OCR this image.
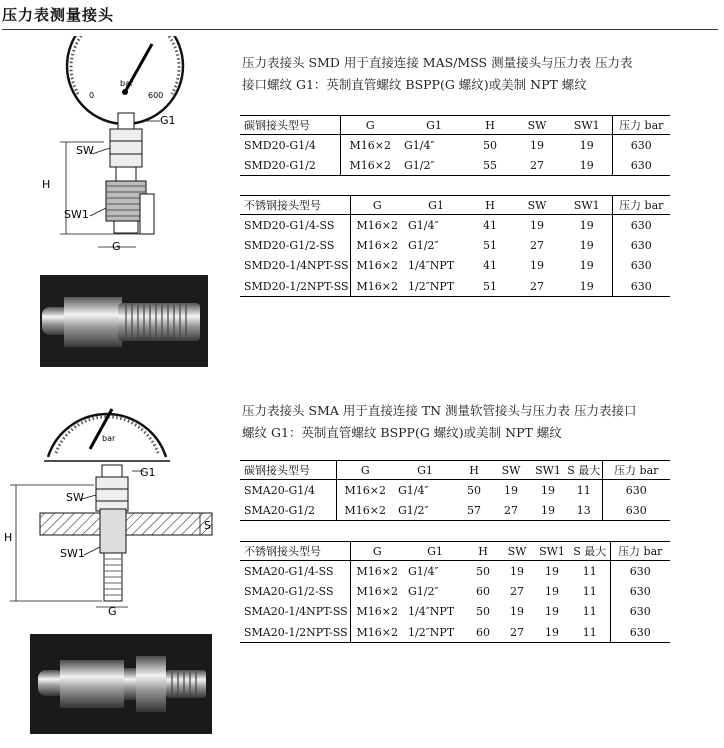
压力表测量接头
压力表接头 SMD 用于直接连接 MAS/MSS 测量接头与压力表 压力表
接口螺纹 G1：英制直管螺纹 BSPP(G 螺纹)或美制 NPT 螺纹
0
bar
600
SW
G1
H
SW1
G
碳钢接头型号	G	G1	H	SW	SW1	压力 bar
SMD20-G1/4	M16×2	G1/4″	50	19	19	630
SMD20-G1/2	M16×2	G1/2″	55	27	19	630
不锈钢接头型号	G	G1	H	SW	SW1	压力 bar
SMD20-G1/4-SS	M16×2	G1/4″	41	19	19	630
SMD20-G1/2-SS	M16×2	G1/2″	51	27	19	630
SMD20-1/4NPT-SS	M16×2	1/4″NPT	41	19	19	630
SMD20-1/2NPT-SS	M16×2	1/2″NPT	51	27	19	630
压力表接头 SMA 用于直接连接 TN 测量软管接头与压力表 压力表接口
螺纹 G1：英制直管螺纹 BSPP(G 螺纹)或美制 NPT 螺纹
bar
SW
G1
H
SW1
G
S
碳钢接头型号	G	G1	H	SW	SW1	S 最大	压力 bar
SMA20-G1/4	M16×2	G1/4″	50	19	19	11	630
SMA20-G1/2	M16×2	G1/2″	57	27	19	13	630
不锈钢接头型号	G	G1	H	SW	SW1	S 最大	压力 bar
SMA20-G1/4-SS	M16×2	G1/4″	50	19	19	11	630
SMA20-G1/2-SS	M16×2	G1/2″	60	27	19	11	630
SMA20-1/4NPT-SS	M16×2	1/4″NPT	50	19	19	11	630
SMA20-1/2NPT-SS	M16×2	1/2″NPT	60	27	19	11	630
